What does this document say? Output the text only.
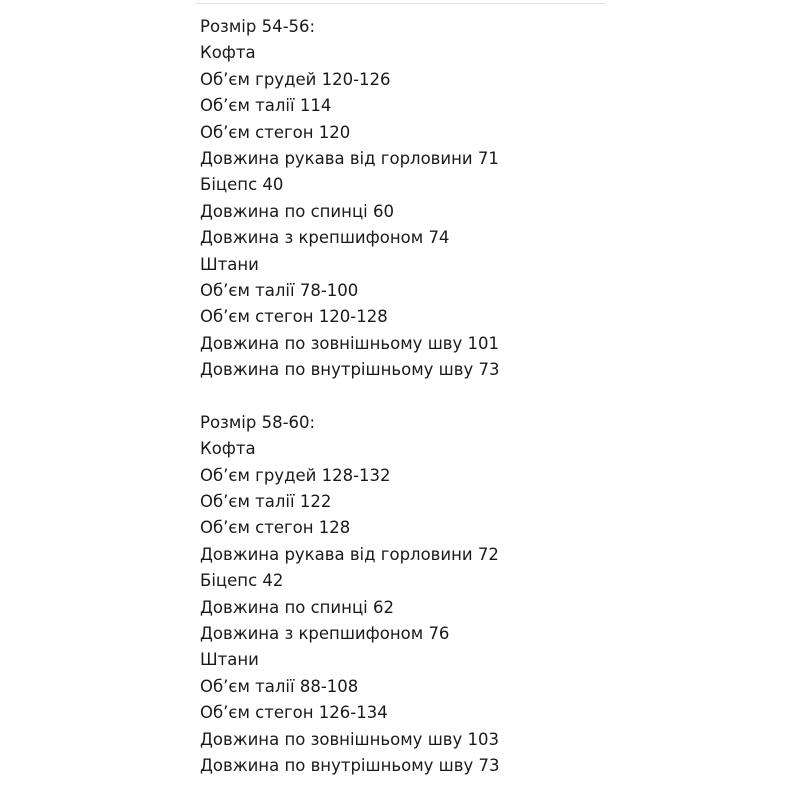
Розмір 54-56:
Кофта
Об’єм грудей 120-126
Об’єм талії 114
Об’єм стегон 120
Довжина рукава від горловини 71
Біцепс 40
Довжина по спинці 60
Довжина з крепшифоном 74
Штани
Об’єм талії 78-100
Об’єм стегон 120-128
Довжина по зовнішньому шву 101
Довжина по внутрішньому шву 73
Розмір 58-60:
Кофта
Об’єм грудей 128-132
Об’єм талії 122
Об’єм стегон 128
Довжина рукава від горловини 72
Біцепс 42
Довжина по спинці 62
Довжина з крепшифоном 76
Штани
Об’єм талії 88-108
Об’єм стегон 126-134
Довжина по зовнішньому шву 103
Довжина по внутрішньому шву 73
